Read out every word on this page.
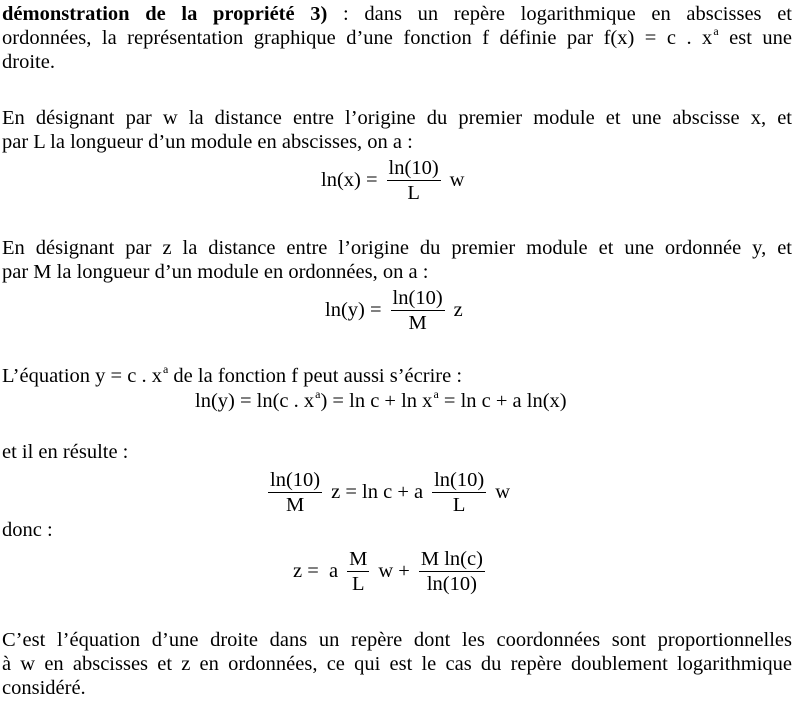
démonstration de la propriété 3) : dans un repère logarithmique en abscisses et
ordonnées, la représentation graphique d’une fonction f définie par f(x) = c . $x^a$ est une
droite.
En désignant par w la distance entre l’origine du premier module et une abscisse x, et
par L la longueur d’un module en abscisses, on a :
$\ln(x) = \frac{\ln(10)}{L}$ w
En désignant par z la distance entre l’origine du premier module et une ordonnée y, et
par M la longueur d’un module en ordonnées, on a :
$\ln(y) = \frac{\ln(10)}{M}$ z
L’équation y = c . $x^a$ de la fonction f peut aussi s’écrire :
ln(y) = ln(c . $x^a) = \ln c + \ln x^a = \ln c + a$ ln(x)
et il en résulte :
$\frac{\ln(10)}{M}$ z = ln c + a $\frac{\ln(10)}{L}$ w
donc :
z =  a $\frac{M}{L}$ $w + \frac{\text{M ln(c)}}{\ln(10)}$
C’est l’équation d’une droite dans un repère dont les coordonnées sont proportionnelles
à w en abscisses et z en ordonnées, ce qui est le cas du repère doublement logarithmique
considéré.
